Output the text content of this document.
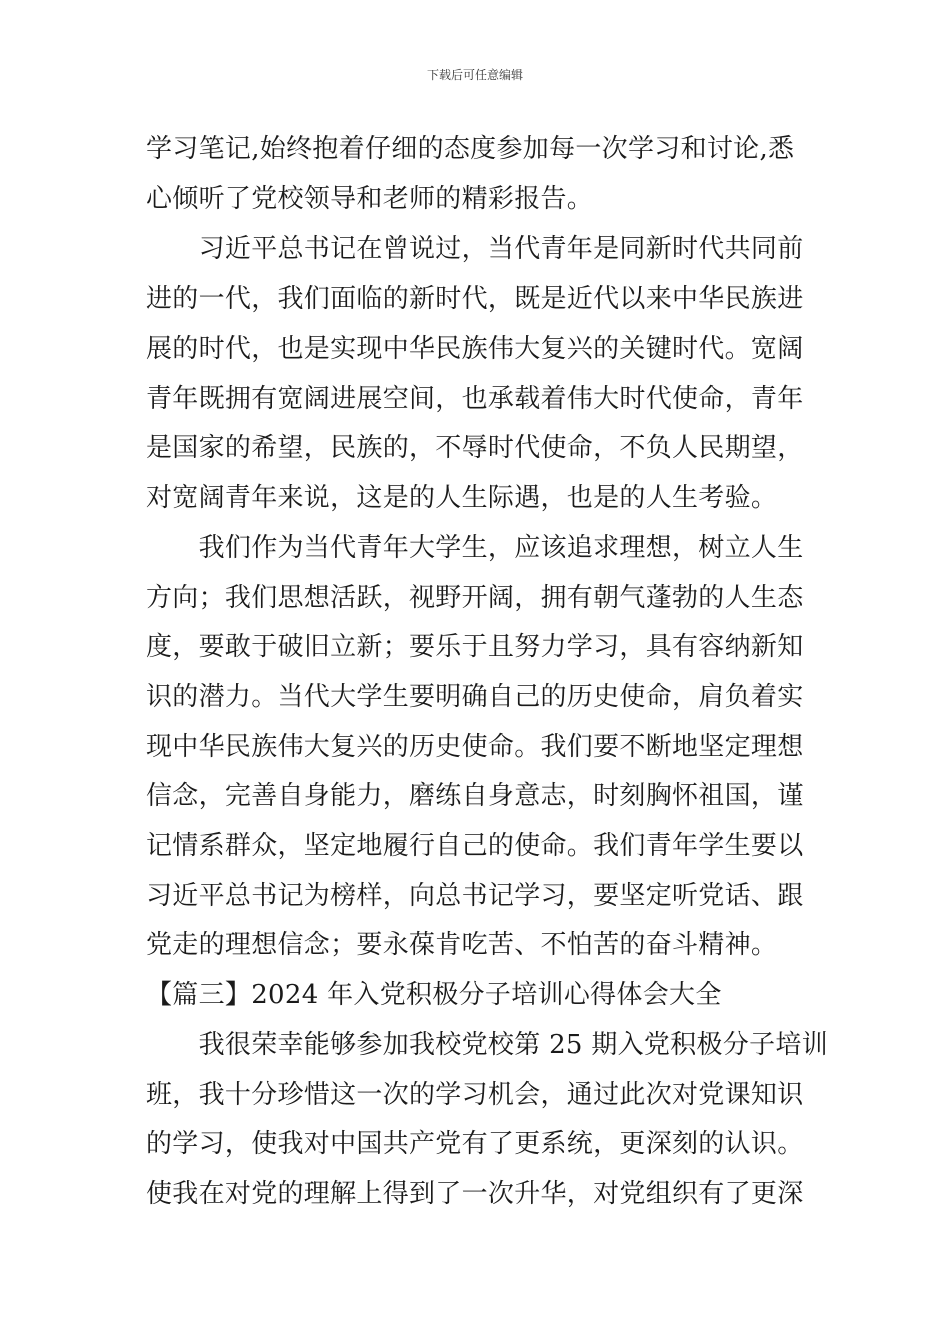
下载后可任意编辑
学习笔记,始终抱着仔细的态度参加每一次学习和讨论,悉
心倾听了党校领导和老师的精彩报告。
　　习近平总书记在曾说过，当代青年是同新时代共同前
进的一代，我们面临的新时代，既是近代以来中华民族进
展的时代，也是实现中华民族伟大复兴的关键时代。宽阔
青年既拥有宽阔进展空间，也承载着伟大时代使命，青年
是国家的希望，民族的，不辱时代使命，不负人民期望，
对宽阔青年来说，这是的人生际遇，也是的人生考验。
　　我们作为当代青年大学生，应该追求理想，树立人生
方向；我们思想活跃，视野开阔，拥有朝气蓬勃的人生态
度，要敢于破旧立新；要乐于且努力学习，具有容纳新知
识的潜力。当代大学生要明确自己的历史使命，肩负着实
现中华民族伟大复兴的历史使命。我们要不断地坚定理想
信念，完善自身能力，磨练自身意志，时刻胸怀祖国，谨
记情系群众，坚定地履行自己的使命。我们青年学生要以
习近平总书记为榜样，向总书记学习，要坚定听党话、跟
党走的理想信念；要永葆肯吃苦、不怕苦的奋斗精神。
【篇三】2024 年入党积极分子培训心得体会大全
　　我很荣幸能够参加我校党校第 25 期入党积极分子培训
班，我十分珍惜这一次的学习机会，通过此次对党课知识
的学习，使我对中国共产党有了更系统，更深刻的认识。
使我在对党的理解上得到了一次升华，对党组织有了更深
